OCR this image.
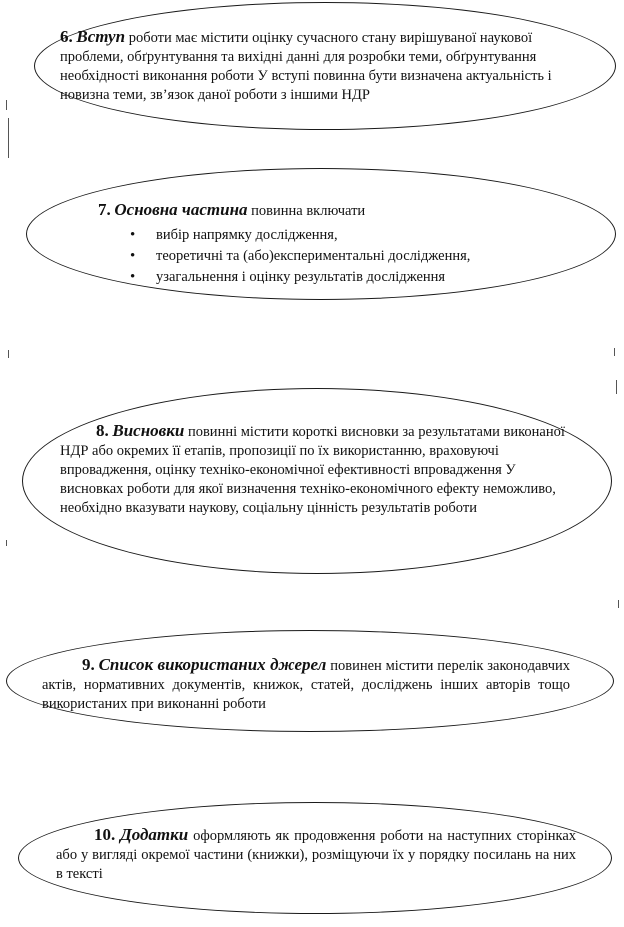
6. Вступ роботи має містити оцінку сучасного стану вирішуваної наукової проблеми, обґрунтування та вихідні данні для розробки теми, обґрунтування необхідності виконання роботи У вступі повинна бути визначена актуальність і новизна теми, зв’язок даної роботи з іншими НДР
7. Основна частина повинна включати
• вибір напрямку дослідження,
• теоретичні та (або)експериментальні дослідження,
• узагальнення і оцінку результатів дослідження
8. Висновки повинні містити короткі висновки за результатами виконаної НДР або окремих її етапів, пропозиції по їх використанню, враховуючі впровадження, оцінку техніко-економічної ефективності впровадження У висновках роботи для якої визначення техніко-економічного ефекту неможливо, необхідно вказувати наукову, соціальну цінність результатів роботи
9. Список використаних джерел повинен містити перелік законодавчих актів, нормативних документів, книжок, статей, досліджень інших авторів тощо використаних при виконанні роботи
10. Додатки оформляють як продовження роботи на наступних сторінках або у вигляді окремої частини (книжки), розміщуючи їх у порядку посилань на них в тексті
